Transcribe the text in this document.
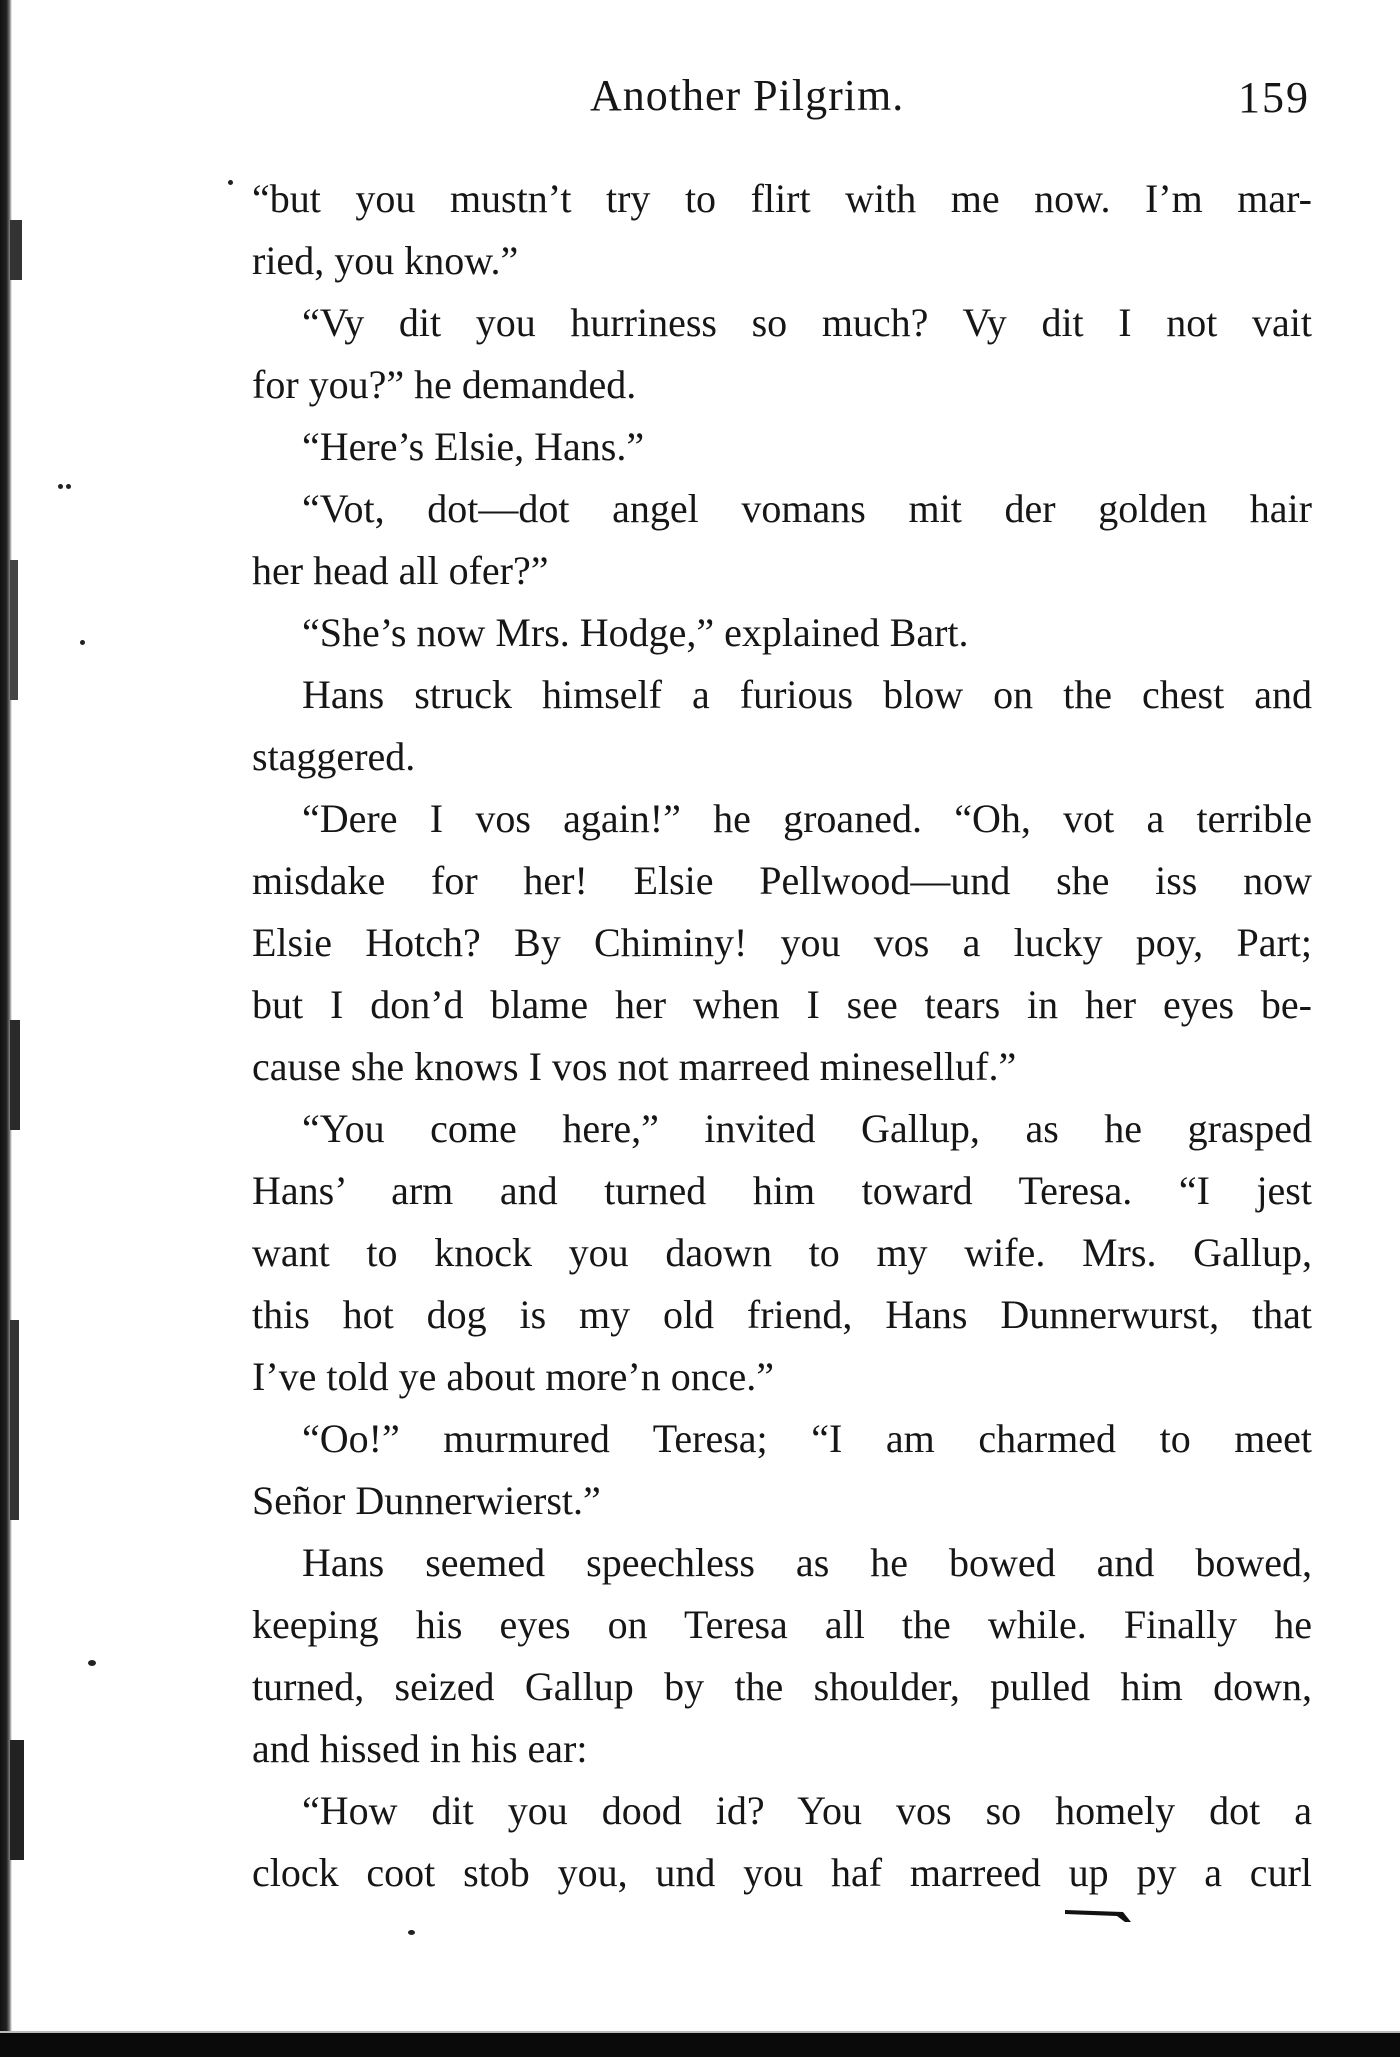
Another Pilgrim.	159
“but you mustn’t try to flirt with me now. I’m mar-
ried, you know.”
“Vy dit you hurriness so much? Vy dit I not vait
for you?” he demanded.
“Here’s Elsie, Hans.”
“Vot, dot—dot angel vomans mit der golden hair
her head all ofer?”
“She’s now Mrs. Hodge,” explained Bart.
Hans struck himself a furious blow on the chest and
staggered.
“Dere I vos again!” he groaned. “Oh, vot a terrible
misdake for her! Elsie Pellwood—und she iss now
Elsie Hotch? By Chiminy! you vos a lucky poy, Part;
but I don’d blame her when I see tears in her eyes be-
cause she knows I vos not marreed mineselluf.”
“You come here,” invited Gallup, as he grasped
Hans’ arm and turned him toward Teresa. “I jest
want to knock you daown to my wife. Mrs. Gallup,
this hot dog is my old friend, Hans Dunnerwurst, that
I’ve told ye about more’n once.”
“Oo!” murmured Teresa; “I am charmed to meet
Señor Dunnerwierst.”
Hans seemed speechless as he bowed and bowed,
keeping his eyes on Teresa all the while. Finally he
turned, seized Gallup by the shoulder, pulled him down,
and hissed in his ear:
“How dit you dood id? You vos so homely dot a
clock coot stob you, und you haf marreed up py a curl
